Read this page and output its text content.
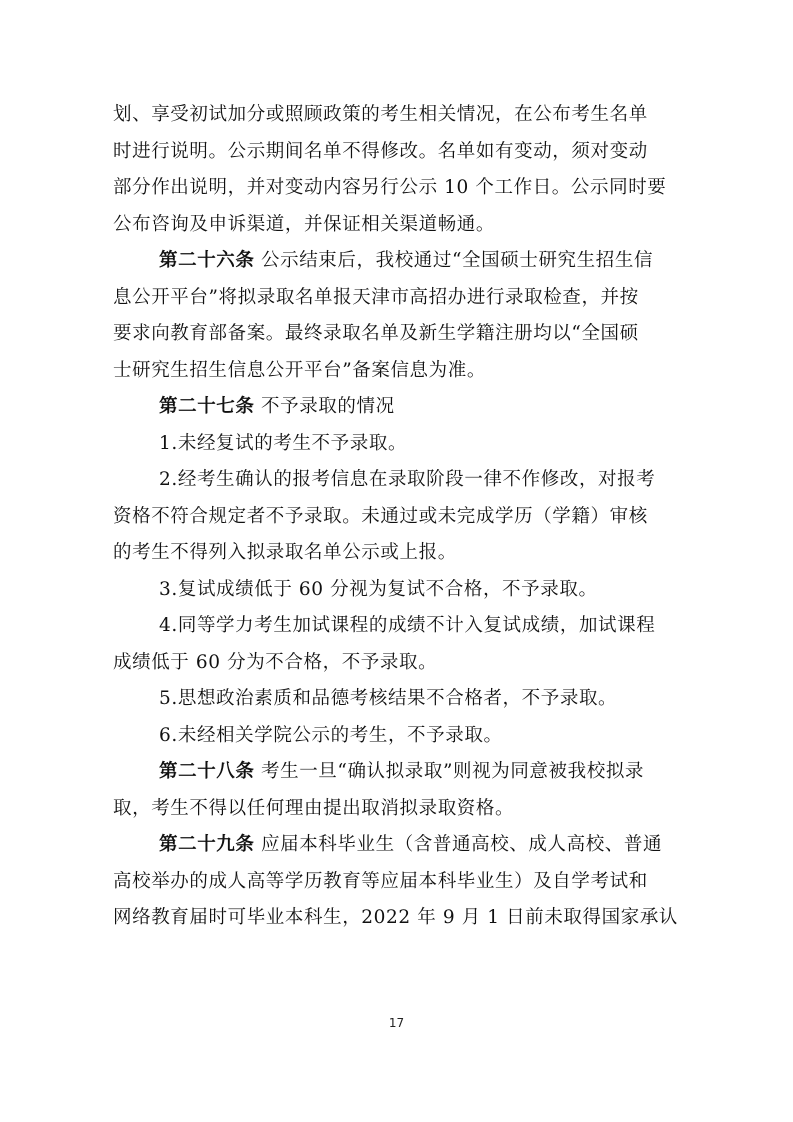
划、享受初试加分或照顾政策的考生相关情况，在公布考生名单
时进行说明。公示期间名单不得修改。名单如有变动，须对变动
部分作出说明，并对变动内容另行公示 10 个工作日。公示同时要
公布咨询及申诉渠道，并保证相关渠道畅通。
第二十六条 公示结束后，我校通过“全国硕士研究生招生信
息公开平台”将拟录取名单报天津市高招办进行录取检查，并按
要求向教育部备案。最终录取名单及新生学籍注册均以“全国硕
士研究生招生信息公开平台”备案信息为准。
第二十七条 不予录取的情况
1.未经复试的考生不予录取。
2.经考生确认的报考信息在录取阶段一律不作修改，对报考
资格不符合规定者不予录取。未通过或未完成学历（学籍）审核
的考生不得列入拟录取名单公示或上报。
3.复试成绩低于 60 分视为复试不合格，不予录取。
4.同等学力考生加试课程的成绩不计入复试成绩，加试课程
成绩低于 60 分为不合格，不予录取。
5.思想政治素质和品德考核结果不合格者，不予录取。
6.未经相关学院公示的考生，不予录取。
第二十八条 考生一旦“确认拟录取”则视为同意被我校拟录
取，考生不得以任何理由提出取消拟录取资格。
第二十九条 应届本科毕业生（含普通高校、成人高校、普通
高校举办的成人高等学历教育等应届本科毕业生）及自学考试和
网络教育届时可毕业本科生，2022 年 9 月 1 日前未取得国家承认
17
